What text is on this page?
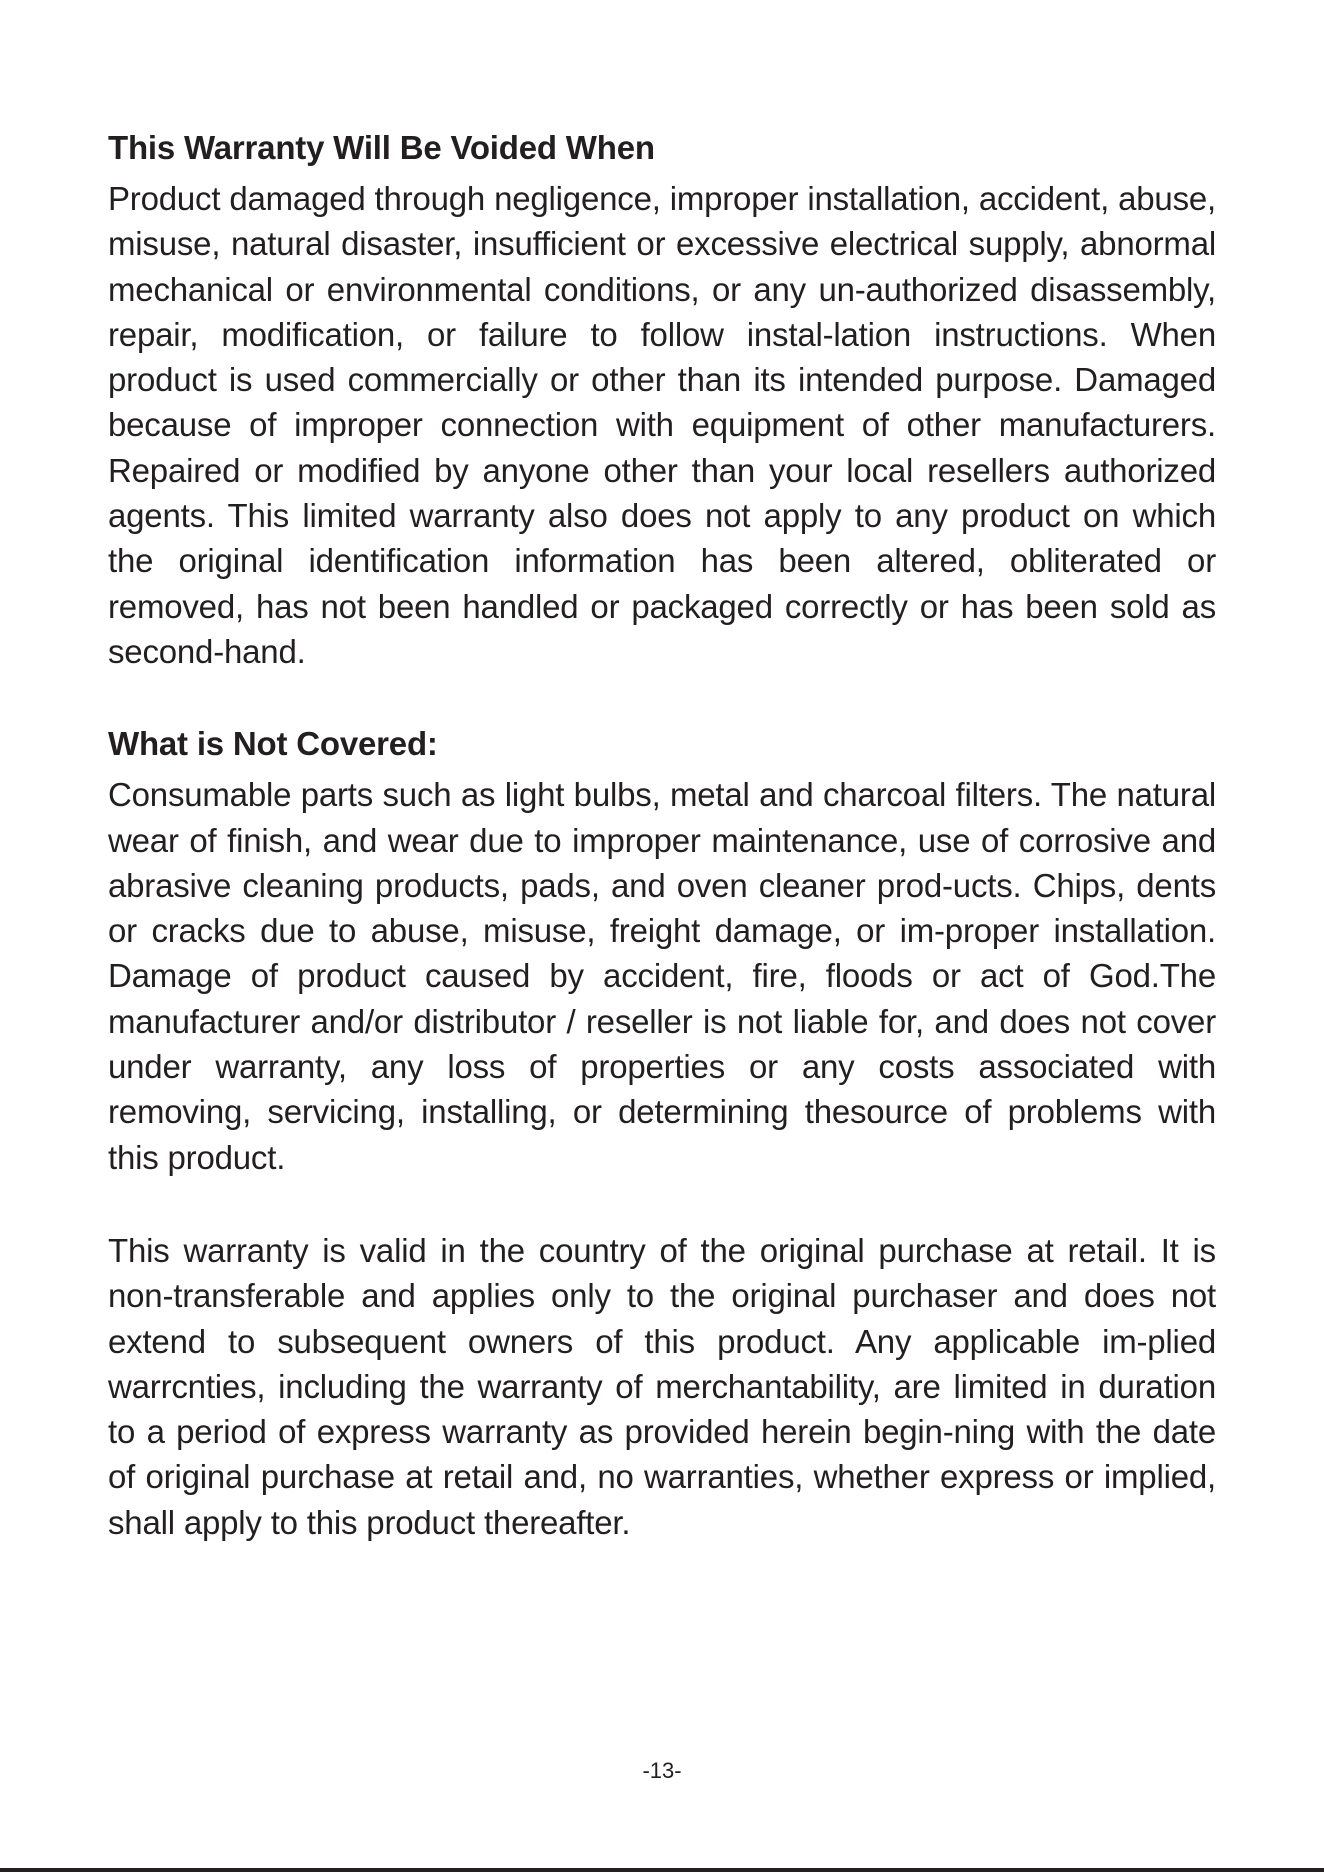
This Warranty Will Be Voided When

Product damaged through negligence, improper installation, accident, abuse, misuse, natural disaster, insufficient or excessive electrical supply, abnormal mechanical or environmental conditions, or any un-authorized disassembly, repair, modification, or failure to follow instal-lation instructions. When product is used commercially or other than its intended purpose. Damaged because of improper connection with equipment of other manufacturers. Repaired or modified by anyone other than your local resellers authorized agents. This limited warranty also does not apply to any product on which the original identification information has been altered, obliterated or removed, has not been handled or packaged correctly or has been sold as second-hand.

What is Not Covered:

Consumable parts such as light bulbs, metal and charcoal filters. The natural wear of finish, and wear due to improper maintenance, use of corrosive and abrasive cleaning products, pads, and oven cleaner prod-ucts. Chips, dents or cracks due to abuse, misuse, freight damage, or im-proper installation. Damage of product caused by accident, fire, floods or act of God.The manufacturer and/or distributor / reseller is not liable for, and does not cover under warranty, any loss of properties or any costs associated with removing, servicing, installing, or determining thesource of problems with this product.

This warranty is valid in the country of the original purchase at retail. It is non-transferable and applies only to the original purchaser and does not extend to subsequent owners of this product. Any applicable im-plied warrcnties, including the warranty of merchantability, are limited in duration to a period of express warranty as provided herein begin-ning with the date of original purchase at retail and, no warranties, whether express or implied, shall apply to this product thereafter.

-13-
